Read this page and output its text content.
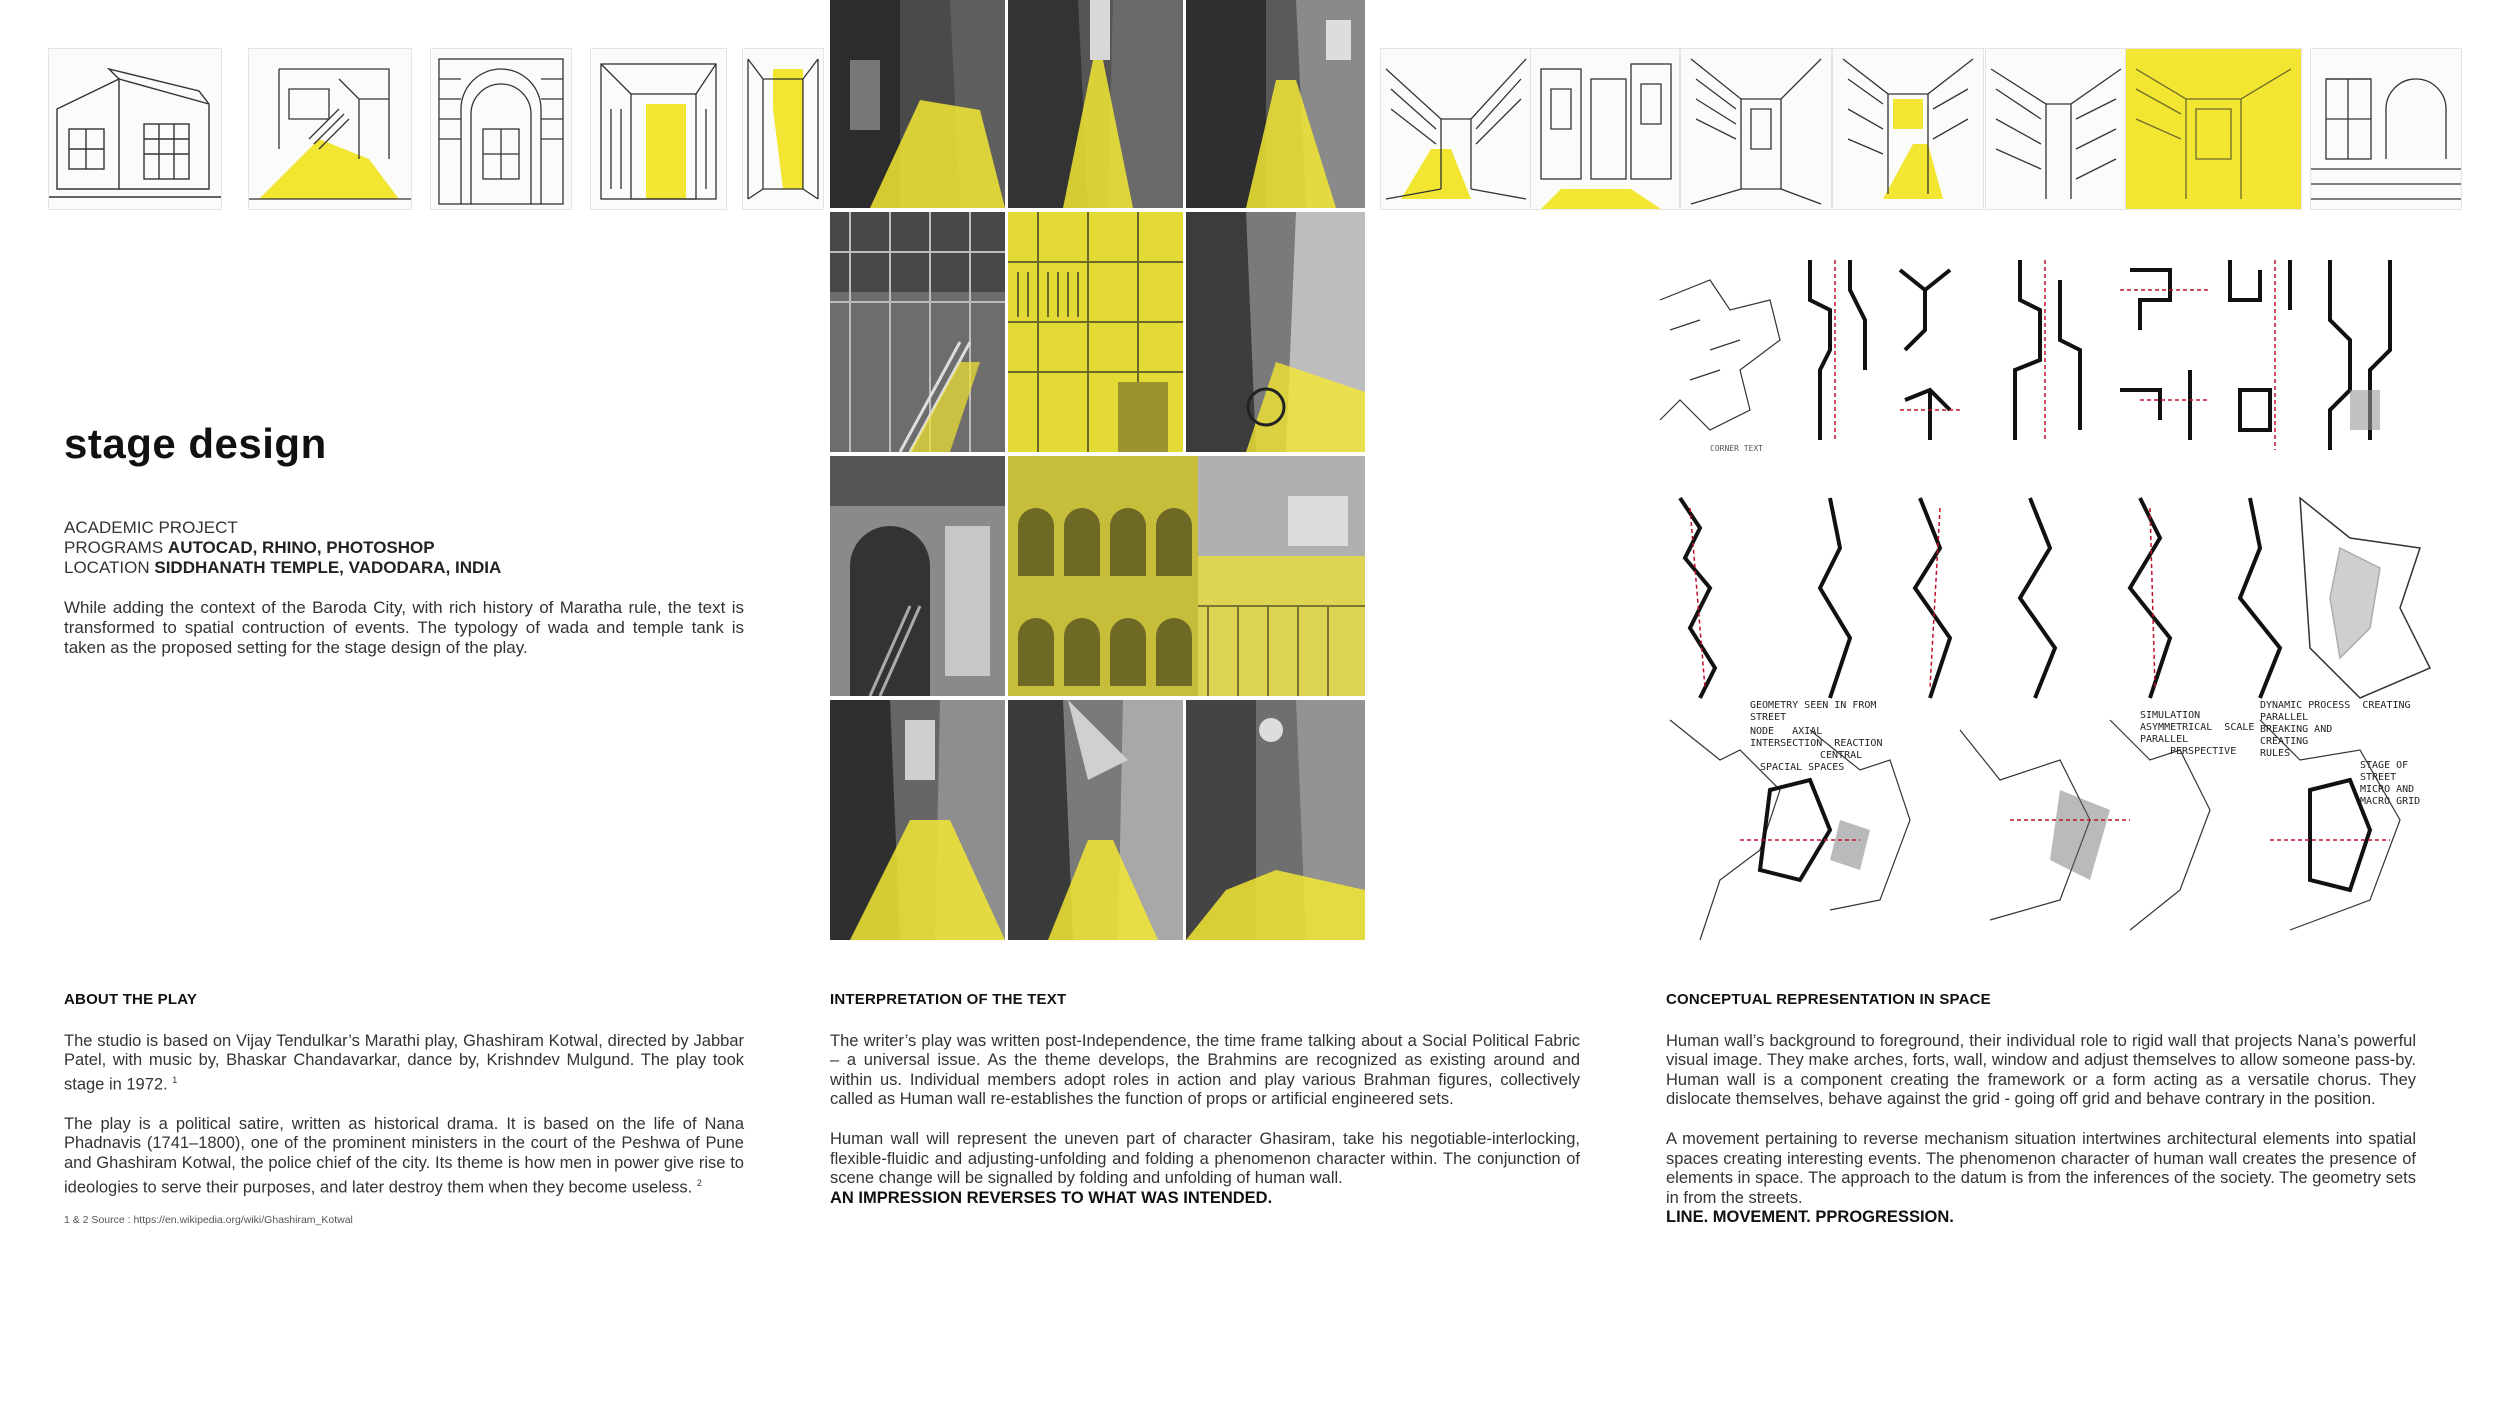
GEOMETRY SEEN IN FROM STREET
NODE AXIAL
INTERSECTION REACTION
CENTRAL
SPACIAL SPACES
SIMULATION
ASYMMETRICAL SCALE
PARALLEL
PERSPECTIVE
DYNAMIC PROCESS CREATING PARALLEL
BREAKING AND CREATING RULES
STAGE OF STREET
MICRO AND MACRO GRID
stage design
ACADEMIC PROJECT
PROGRAMS AUTOCAD, RHINO, PHOTOSHOP
LOCATION SIDDHANATH TEMPLE, VADODARA, INDIA
While adding the context of the Baroda City, with rich history of Maratha rule, the text is transformed to spatial contruction of events. The typology of wada and temple tank is taken as the proposed setting for the stage design of the play.
ABOUT THE PLAY

The studio is based on Vijay Tendulkar’s Marathi play, Ghashiram Kotwal, directed by Jabbar Patel, with music by, Bhaskar Chandavarkar, dance by, Krishndev Mulgund. The play took stage in 1972. $^1$

The play is a political satire, written as historical drama. It is based on the life of Nana Phadnavis (1741–1800), one of the prominent ministers in the court of the Peshwa of Pune and Ghashiram Kotwal, the police chief of the city. Its theme is how men in power give rise to ideologies to serve their purposes, and later destroy them when they become useless. $^2$

1 & 2 Source : https://en.wikipedia.org/wiki/Ghashiram_Kotwal
INTERPRETATION OF THE TEXT

The writer’s play was written post-Independence, the time frame talking about a Social Political Fabric – a universal issue. As the theme develops, the Brahmins are recognized as existing around and within us. Individual members adopt roles in action and play various Brahman figures, collectively called as Human wall re-establishes the function of props or artificial engineered sets.

Human wall will represent the uneven part of character Ghasiram, take his negotiable-interlocking, flexible-fluidic and adjusting-unfolding and folding a phenomenon character within. The conjunction of scene change will be signalled by folding and unfolding of human wall.

AN IMPRESSION REVERSES TO WHAT WAS INTENDED.

CONCEPTUAL REPRESENTATION IN SPACE

Human wall’s background to foreground, their individual role to rigid wall that projects Nana’s powerful visual image. They make arches, forts, wall, window and adjust themselves to allow someone pass-by. Human wall is a component creating the framework or a form acting as a versatile chorus. They dislocate themselves, behave against the grid - going off grid and behave contrary in the position.

A movement pertaining to reverse mechanism situation intertwines architectural elements into spatial spaces creating interesting events. The phenomenon character of human wall creates the presence of elements in space. The approach to the datum is from the inferences of the society. The geometry sets in from the streets.

LINE. MOVEMENT. PPROGRESSION.

CORNER TEXT
